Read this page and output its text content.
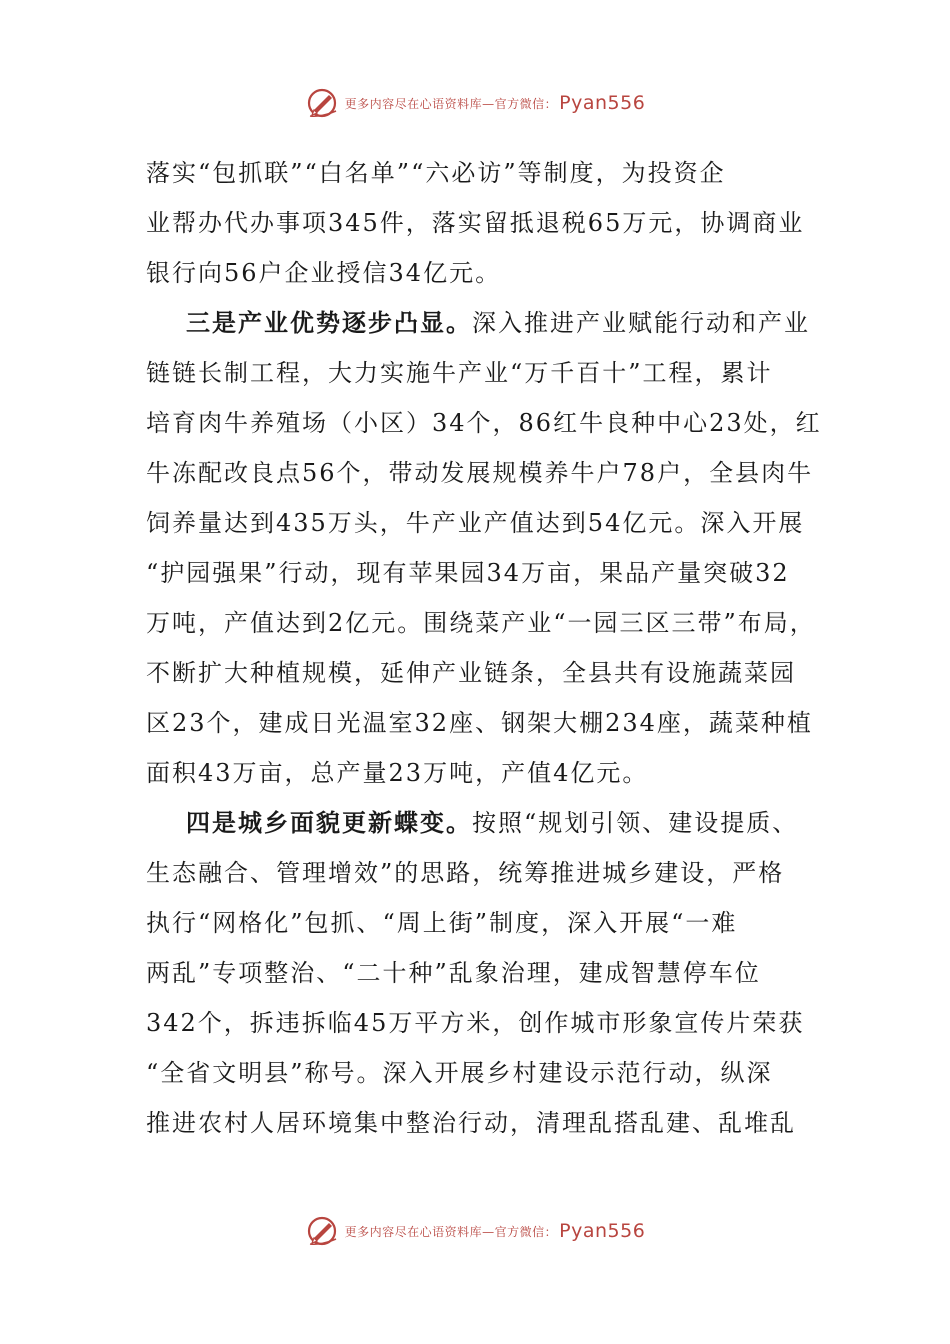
更多内容尽在心语资料库—官方微信： Pyan556
落实“包抓联”“白名单”“六必访”等制度，为投资企
业帮办代办事项345件，落实留抵退税65万元，协调商业
银行向56户企业授信34亿元。
三是产业优势逐步凸显。深入推进产业赋能行动和产业
链链长制工程，大力实施牛产业“万千百十”工程，累计
培育肉牛养殖场（小区）34个，86红牛良种中心23处，红
牛冻配改良点56个，带动发展规模养牛户78户，全县肉牛
饲养量达到435万头，牛产业产值达到54亿元。深入开展
“护园强果”行动，现有苹果园34万亩，果品产量突破32
万吨，产值达到2亿元。围绕菜产业“一园三区三带”布局，
不断扩大种植规模，延伸产业链条，全县共有设施蔬菜园
区23个，建成日光温室32座、钢架大棚234座，蔬菜种植
面积43万亩，总产量23万吨，产值4亿元。
四是城乡面貌更新蝶变。按照“规划引领、建设提质、
生态融合、管理增效”的思路，统筹推进城乡建设，严格
执行“网格化”包抓、“周上街”制度，深入开展“一难
两乱”专项整治、“二十种”乱象治理，建成智慧停车位
342个，拆违拆临45万平方米，创作城市形象宣传片荣获
“全省文明县”称号。深入开展乡村建设示范行动，纵深
推进农村人居环境集中整治行动，清理乱搭乱建、乱堆乱
更多内容尽在心语资料库—官方微信： Pyan556
